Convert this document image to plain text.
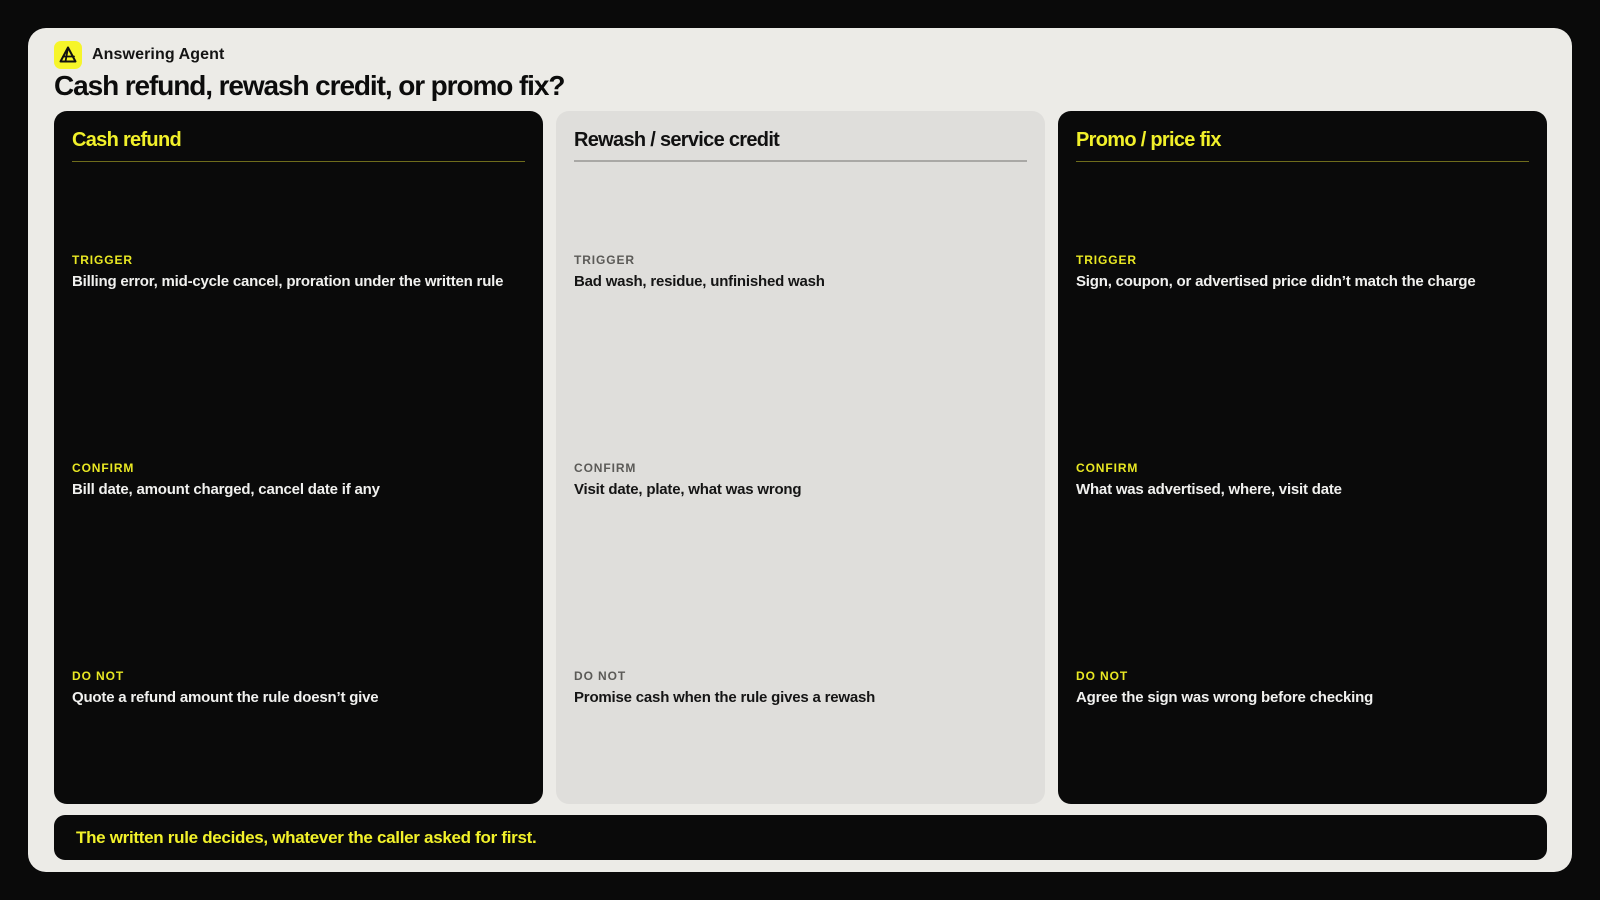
Answering Agent
Cash refund, rewash credit, or promo fix?
Cash refund
TRIGGER
Billing error, mid-cycle cancel, proration under the written rule
CONFIRM
Bill date, amount charged, cancel date if any
DO NOT
Quote a refund amount the rule doesn’t give
Rewash / service credit
TRIGGER
Bad wash, residue, unfinished wash
CONFIRM
Visit date, plate, what was wrong
DO NOT
Promise cash when the rule gives a rewash
Promo / price fix
TRIGGER
Sign, coupon, or advertised price didn’t match the charge
CONFIRM
What was advertised, where, visit date
DO NOT
Agree the sign was wrong before checking
The written rule decides, whatever the caller asked for first.
